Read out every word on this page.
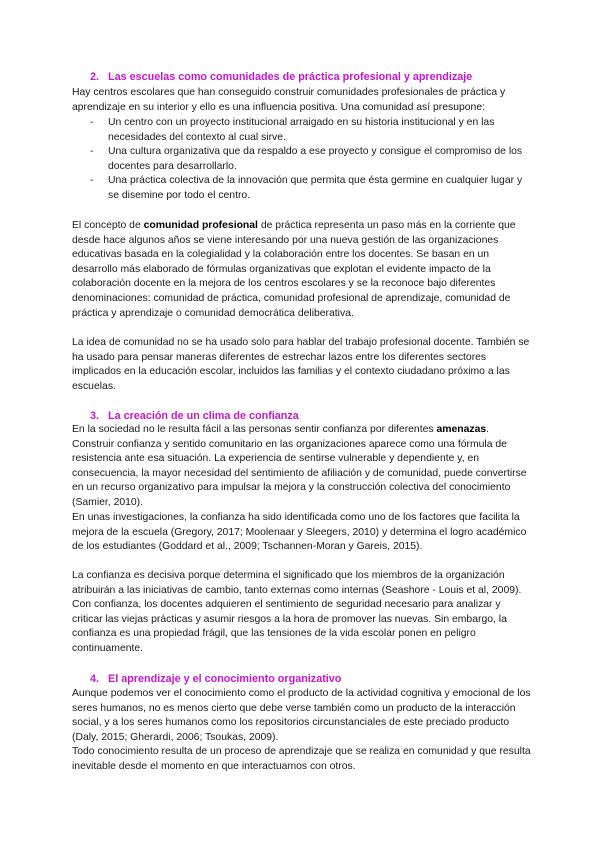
2. Las escuelas como comunidades de práctica profesional y aprendizaje

Hay centros escolares que han conseguido construir comunidades profesionales de práctica y aprendizaje en su interior y ello es una influencia positiva. Una comunidad así presupone:

- Un centro con un proyecto institucional arraigado en su historia institucional y en las necesidades del contexto al cual sirve.
- Una cultura organizativa que da respaldo a ese proyecto y consigue el compromiso de los docentes para desarrollarlo.
- Una práctica colectiva de la innovación que permita que ésta germine en cualquier lugar y se disemine por todo el centro.

El concepto de comunidad profesional de práctica representa un paso más en la corriente que desde hace algunos años se viene interesando por una nueva gestión de las organizaciones educativas basada en la colegialidad y la colaboración entre los docentes. Se basan en un desarrollo más elaborado de fórmulas organizativas que explotan el evidente impacto de la colaboración docente en la mejora de los centros escolares y se la reconoce bajo diferentes denominaciones: comunidad de práctica, comunidad profesional de aprendizaje, comunidad de práctica y aprendizaje o comunidad democrática deliberativa.

La idea de comunidad no se ha usado solo para hablar del trabajo profesional docente. También se ha usado para pensar maneras diferentes de estrechar lazos entre los diferentes sectores implicados en la educación escolar, incluidos las familias y el contexto ciudadano próximo a las escuelas.

3. La creación de un clima de confianza

En la sociedad no le resulta fácil a las personas sentir confianza por diferentes amenazas. Construir confianza y sentido comunitario en las organizaciones aparece como una fórmula de resistencia ante esa situación. La experiencia de sentirse vulnerable y dependiente y, en consecuencia, la mayor necesidad del sentimiento de afiliación y de comunidad, puede convertirse en un recurso organizativo para impulsar la mejora y la construcción colectiva del conocimiento (Samier, 2010).

En unas investigaciones, la confianza ha sido identificada como uno de los factores que facilita la mejora de la escuela (Gregory, 2017; Moolenaar y Sleegers, 2010) y determina el logro académico de los estudiantes (Goddard et al., 2009; Tschannen-Moran y Gareis, 2015).

La confianza es decisiva porque determina el significado que los miembros de la organización atribuirán a las iniciativas de cambio, tanto externas como internas (Seashore - Louis et al, 2009). Con confianza, los docentes adquieren el sentimiento de seguridad necesario para analizar y criticar las viejas prácticas y asumir riesgos a la hora de promover las nuevas. Sin embargo, la confianza es una propiedad frágil, que las tensiones de la vida escolar ponen en peligro continuamente.

4. El aprendizaje y el conocimiento organizativo

Aunque podemos ver el conocimiento como el producto de la actividad cognitiva y emocional de los seres humanos, no es menos cierto que debe verse también como un producto de la interacción social, y a los seres humanos como los repositorios circunstanciales de este preciado producto (Daly, 2015; Gherardi, 2006; Tsoukas, 2009).

Todo conocimiento resulta de un proceso de aprendizaje que se realiza en comunidad y que resulta inevitable desde el momento en que interactuamos con otros.
